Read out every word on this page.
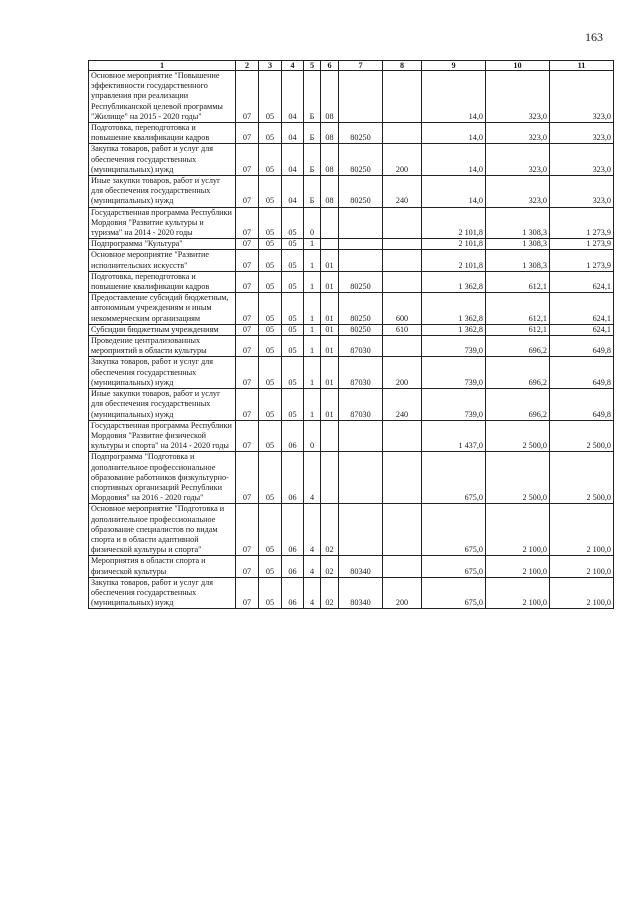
163
1	2	3	4	5	6	7	8	9	10	11
Основное мероприятие "Повышение эффективности государственного управления при реализации Республиканской целевой программы "Жилище" на 2015 - 2020 годы"	07	05	04	Б	08			14,0	323,0	323,0
Подготовка, переподготовка и повышение квалификации кадров	07	05	04	Б	08	80250		14,0	323,0	323,0
Закупка товаров, работ и услуг для обеспечения государственных (муниципальных) нужд	07	05	04	Б	08	80250	200	14,0	323,0	323,0
Иные закупки товаров, работ и услуг для обеспечения государственных (муниципальных) нужд	07	05	04	Б	08	80250	240	14,0	323,0	323,0
Государственная программа Республики Мордовия "Развитие культуры и туризма" на 2014 - 2020 годы	07	05	05	0				2 101,8	1 308,3	1 273,9
Подпрограмма "Культура"	07	05	05	1				2 101,8	1 308,3	1 273,9
Основное мероприятие "Развитие исполнительских искусств"	07	05	05	1	01			2 101,8	1 308,3	1 273,9
Подготовка, переподготовка и повышение квалификации кадров	07	05	05	1	01	80250		1 362,8	612,1	624,1
Предоставление субсидий бюджетным, автономным учреждениям и иным некоммерческим организациям	07	05	05	1	01	80250	600	1 362,8	612,1	624,1
Субсидии бюджетным учреждениям	07	05	05	1	01	80250	610	1 362,8	612,1	624,1
Проведение централизованных мероприятий в области культуры	07	05	05	1	01	87030		739,0	696,2	649,8
Закупка товаров, работ и услуг для обеспечения государственных (муниципальных) нужд	07	05	05	1	01	87030	200	739,0	696,2	649,8
Иные закупки товаров, работ и услуг для обеспечения государственных (муниципальных) нужд	07	05	05	1	01	87030	240	739,0	696,2	649,8
Государственная программа Республики Мордовия "Развитие физической культуры и спорта" на 2014 - 2020 годы	07	05	06	0				1 437,0	2 500,0	2 500,0
Подпрограмма "Подготовка и дополнительное профессиональное образование работников физкультурно-спортивных организаций Республики Мордовия" на 2016 - 2020 годы"	07	05	06	4				675,0	2 500,0	2 500,0
Основное мероприятие "Подготовка и дополнительное профессиональное образование специалистов по видам спорта и в области адаптивной физической культуры и спорта"	07	05	06	4	02			675,0	2 100,0	2 100,0
Мероприятия в области спорта и физической культуры	07	05	06	4	02	80340		675,0	2 100,0	2 100,0
Закупка товаров, работ и услуг для обеспечения государственных (муниципальных) нужд	07	05	06	4	02	80340	200	675,0	2 100,0	2 100,0
